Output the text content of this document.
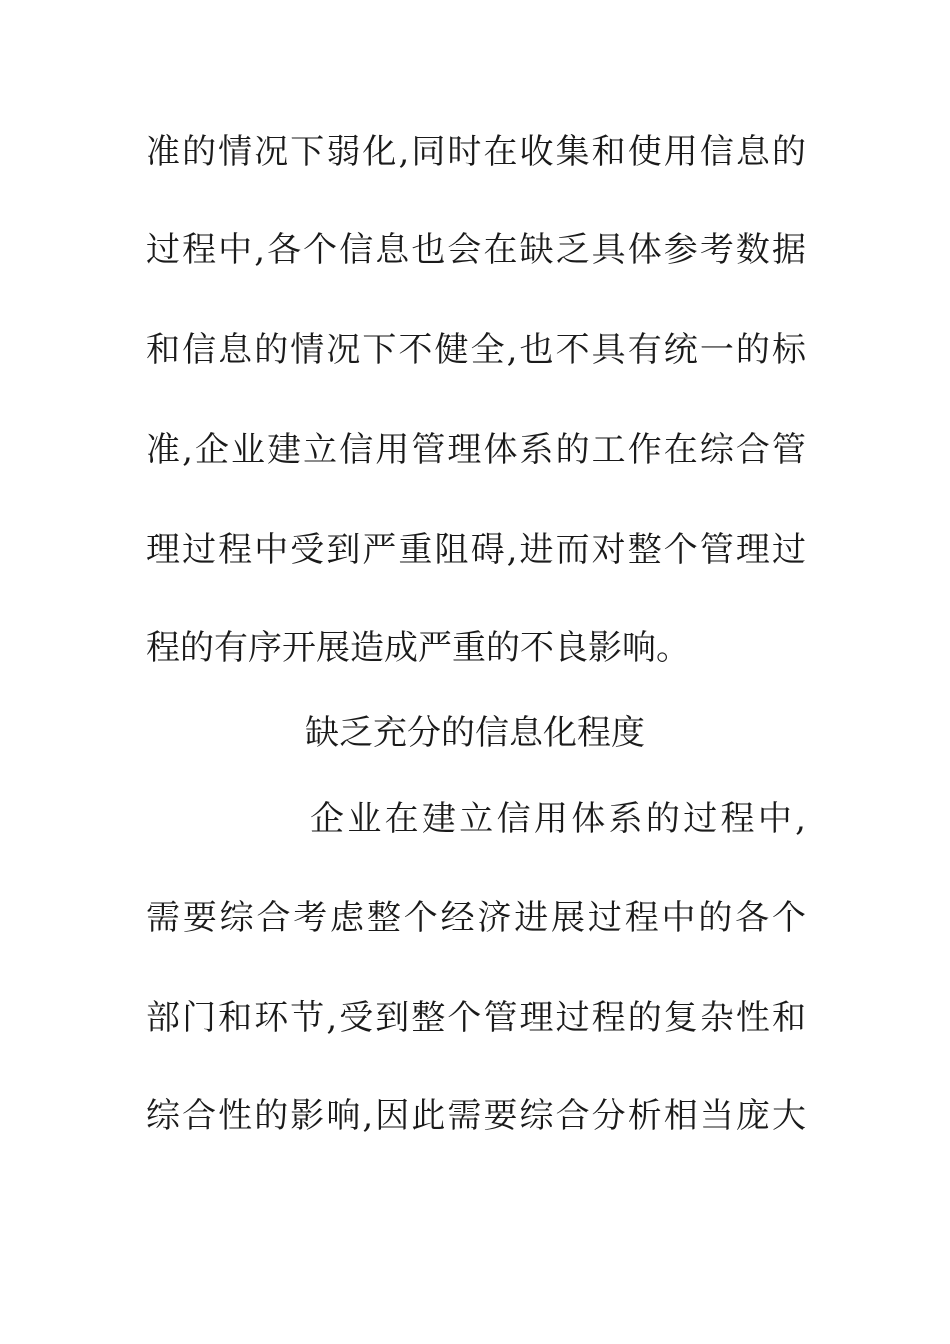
准的情况下弱化,同时在收集和使用信息的
过程中,各个信息也会在缺乏具体参考数据
和信息的情况下不健全,也不具有统一的标
准,企业建立信用管理体系的工作在综合管
理过程中受到严重阻碍,进而对整个管理过
程的有序开展造成严重的不良影响。
缺乏充分的信息化程度
企业在建立信用体系的过程中,
需要综合考虑整个经济进展过程中的各个
部门和环节,受到整个管理过程的复杂性和
综合性的影响,因此需要综合分析相当庞大
